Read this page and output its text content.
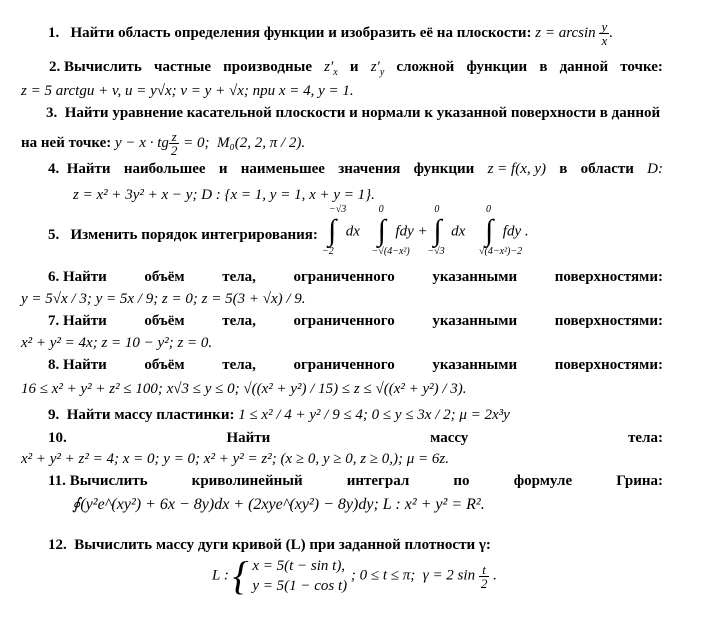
1. Найти область определения функции и изобразить её на плоскости: $z = \arcsin \frac{y}{x}$ .
2. Вычислить частные производные $z'_x$ и $z'_y$ сложной функции в данной точке:
z = 5 arctgu + v, u = y√x; v = y + √x; при x = 4, y = 1.
3. Найти уравнение касательной плоскости и нормали к указанной поверхности в данной
на ней точке: y − x · tg $\frac{z}{2} = 0$;  M₀(2, 2, π / 2).
4. Найти наибольшее и наименьшее значения функции z = f(x, y) в области D:
z = x² + 3y² + x − y; D : {x = 1, y = 1, x + y = 1}.
5. Изменить порядок интегрирования:
−√3
∫
−2
dx
0
∫
−√(4−x²)
fdy +
0
∫
−√3
dx
0
∫
√(4−x²)−2
fdy .
6. Найти	объём	тела,	ограниченного	указанными	поверхностями:
y = 5√x / 3; y = 5x / 9; z = 0; z = 5(3 + √x) / 9.
7. Найти	объём	тела,	ограниченного	указанными	поверхностями:
x² + y² = 4x; z = 10 − y²; z = 0.
8. Найти	объём	тела,	ограниченного	указанными	поверхностями:
16 ≤ x² + y² + z² ≤ 100; x√3 ≤ y ≤ 0; √((x² + y²) / 15) ≤ z ≤ √((x² + y²) / 3).
9. Найти массу пластинки: 1 ≤ x² / 4 + y² / 9 ≤ 4; 0 ≤ y ≤ 3x / 2; μ = 2x³y
10.	Найти	массу	тела:
x² + y² + z² = 4; x = 0; y = 0; x² + y² = z²; (x ≥ 0, y ≥ 0, z ≥ 0,); μ = 6z.
11. Вычислить	криволинейный	интеграл	по	формуле	Грина:
∮(y²e^(xy²) + 6x − 8y)dx + (2xye^(xy²) − 8y)dy; L : x² + y² = R².
12. Вычислить массу дуги кривой (L) при заданной плотности γ:
L : { x = 5(t − sin t),
y = 5(1 − cos t)
; 0 ≤ t ≤ π;  γ = 2 $\sin \frac{t}{2}$ .
